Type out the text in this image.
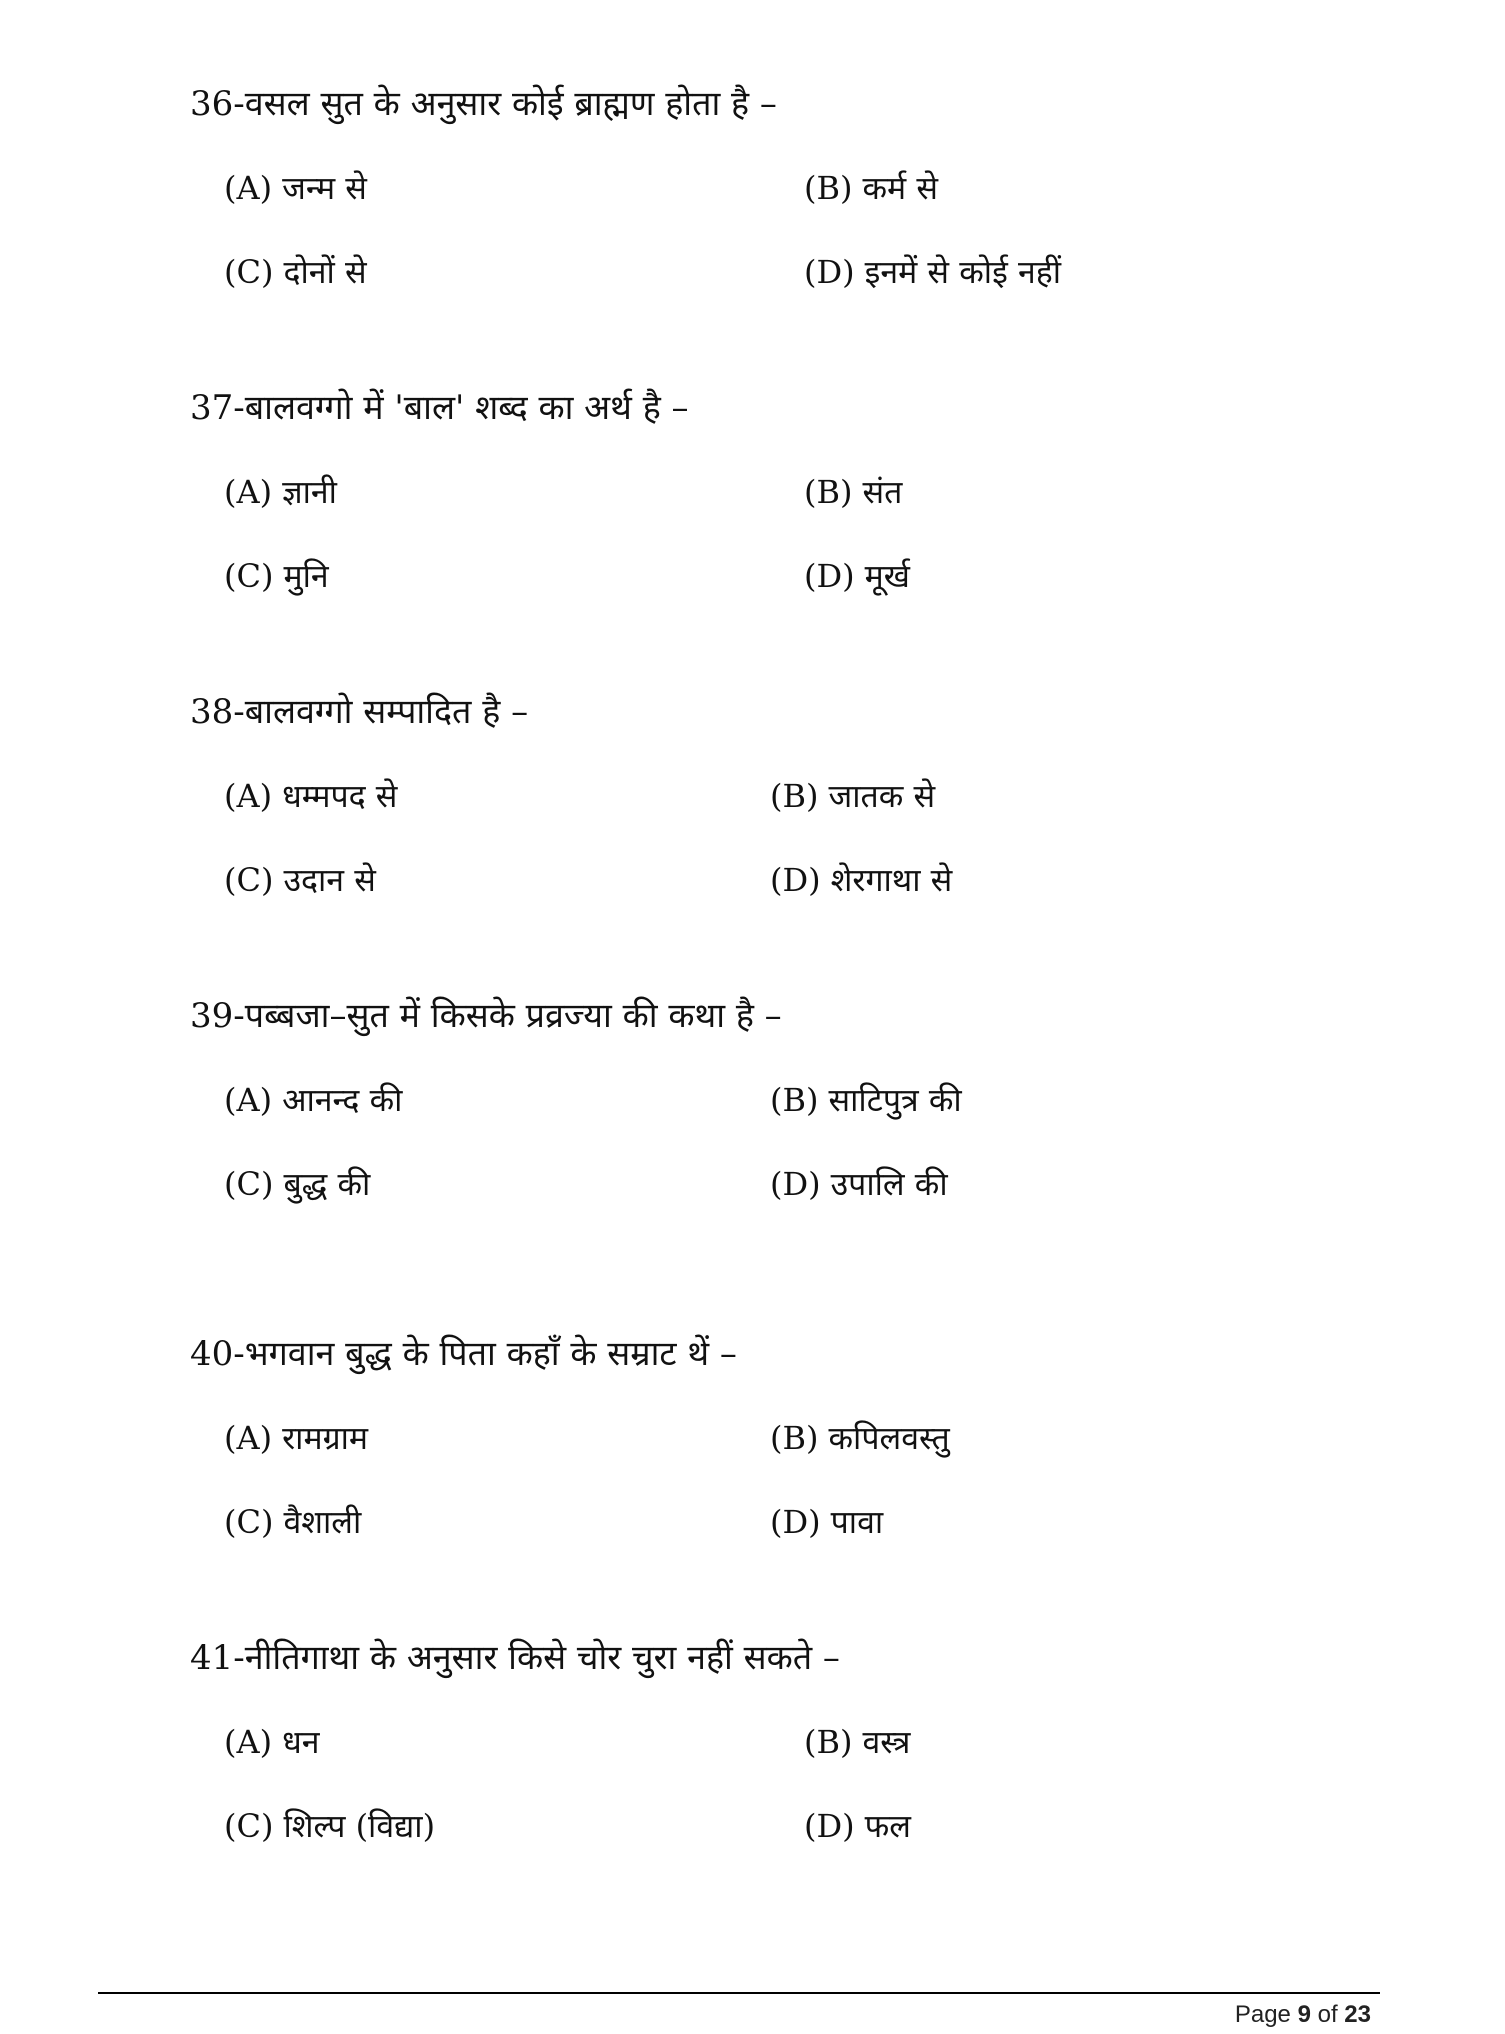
36-वसल सुत के अनुसार कोई ब्राह्मण होता है –
(A) जन्म से	(B) कर्म से
(C) दोनों से	(D) इनमें से कोई नहीं
37-बालवग्गो में 'बाल' शब्द का अर्थ है –
(A) ज्ञानी	(B) संत
(C) मुनि	(D) मूर्ख
38-बालवग्गो सम्पादित है –
(A) धम्मपद से	(B) जातक से
(C) उदान से	(D) शेरगाथा से
39-पब्बजा–सुत में किसके प्रव्रज्या की कथा है –
(A) आनन्द की	(B) साटिपुत्र की
(C) बुद्ध की	(D) उपालि की
40-भगवान बुद्ध के पिता कहाँ के सम्राट थें –
(A) रामग्राम	(B) कपिलवस्तु
(C) वैशाली	(D) पावा
41-नीतिगाथा के अनुसार किसे चोर चुरा नहीं सकते –
(A) धन	(B) वस्त्र
(C) शिल्प (विद्या)	(D) फल
Page 9 of 23
